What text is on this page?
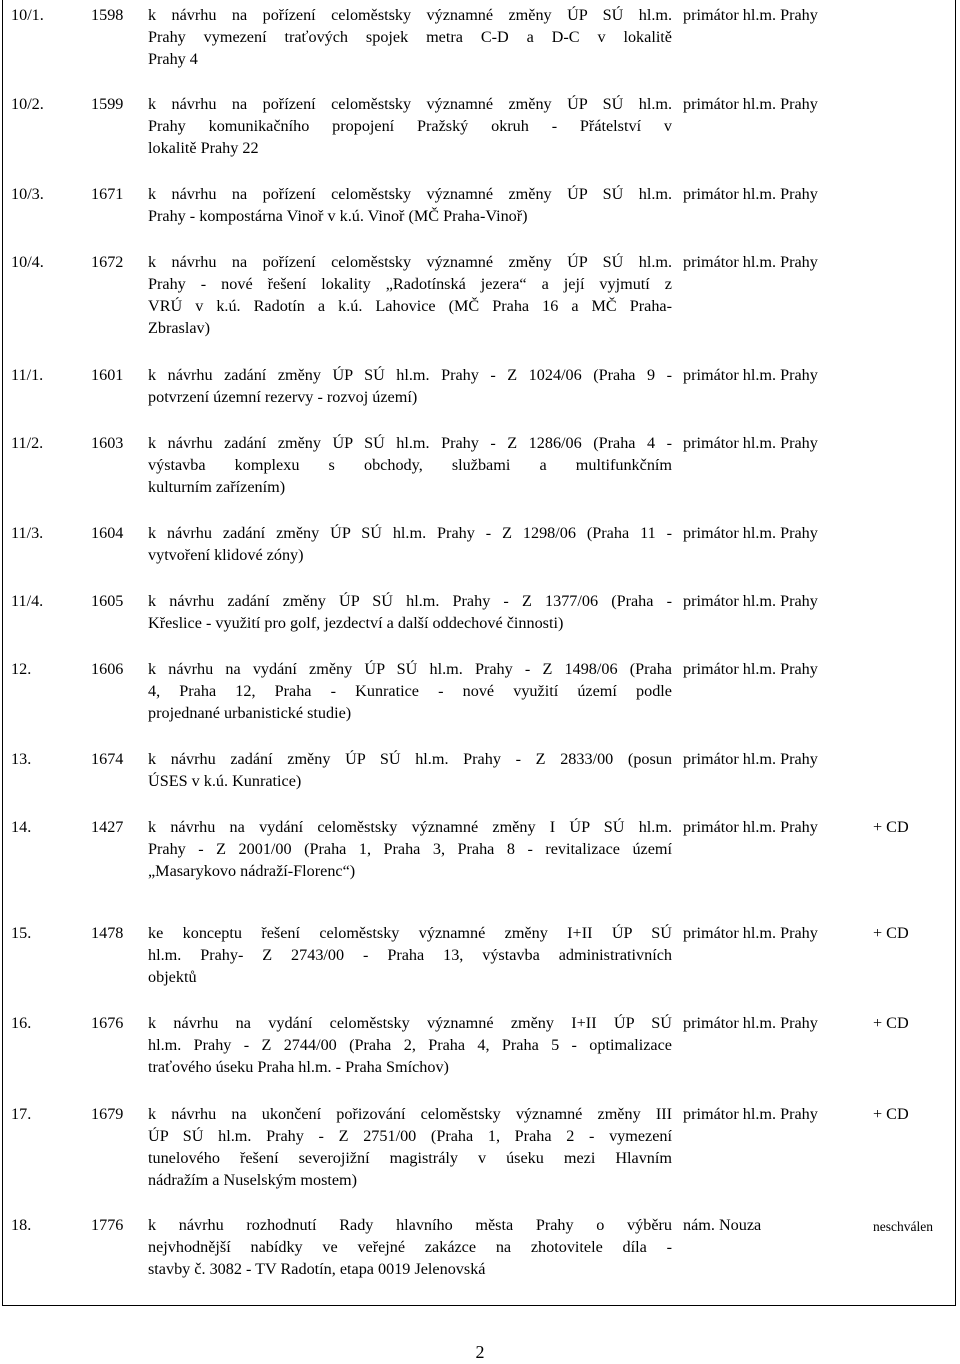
10/1.	1598	k návrhu na pořízení celoměstsky významné změny ÚP SÚ hl.m.
Prahy vymezení traťových spojek metra C-D a D-C v lokalitě
Prahy 4
primátor hl.m. Prahy
10/2.	1599	k návrhu na pořízení celoměstsky významné změny ÚP SÚ hl.m.
Prahy komunikačního propojení Pražský okruh - Přátelství v
lokalitě Prahy 22
primátor hl.m. Prahy
10/3.	1671	k návrhu na pořízení celoměstsky významné změny ÚP SÚ hl.m.
Prahy - kompostárna Vinoř v k.ú. Vinoř (MČ Praha-Vinoř)
primátor hl.m. Prahy
10/4.	1672	k návrhu na pořízení celoměstsky významné změny ÚP SÚ hl.m.
Prahy - nové řešení lokality „Radotínská jezera“ a její vyjmutí z
VRÚ v k.ú. Radotín a k.ú. Lahovice (MČ Praha 16 a MČ Praha-
Zbraslav)
primátor hl.m. Prahy
11/1.	1601	k návrhu zadání změny ÚP SÚ hl.m. Prahy - Z 1024/06 (Praha 9 -
potvrzení územní rezervy - rozvoj území)
primátor hl.m. Prahy
11/2.	1603	k návrhu zadání změny ÚP SÚ hl.m. Prahy - Z 1286/06 (Praha 4 -
výstavba komplexu s obchody, službami a multifunkčním
kulturním zařízením)
primátor hl.m. Prahy
11/3.	1604	k návrhu zadání změny ÚP SÚ hl.m. Prahy - Z 1298/06 (Praha 11 -
vytvoření klidové zóny)
primátor hl.m. Prahy
11/4.	1605	k návrhu zadání změny ÚP SÚ hl.m. Prahy - Z 1377/06 (Praha -
Křeslice - využití pro golf, jezdectví a další oddechové činnosti)
primátor hl.m. Prahy
12.	1606	k návrhu na vydání změny ÚP SÚ hl.m. Prahy - Z 1498/06 (Praha
4, Praha 12, Praha - Kunratice - nové využití území podle
projednané urbanistické studie)
primátor hl.m. Prahy
13.	1674	k návrhu zadání změny ÚP SÚ hl.m. Prahy - Z 2833/00 (posun
ÚSES v k.ú. Kunratice)
primátor hl.m. Prahy
14.	1427	k návrhu na vydání celoměstsky významné změny I ÚP SÚ hl.m.
Prahy - Z 2001/00 (Praha 1, Praha 3, Praha 8 - revitalizace území
„Masarykovo nádraží-Florenc“)
primátor hl.m. Prahy	+ CD
15.	1478	ke konceptu řešení celoměstsky významné změny I+II ÚP SÚ
hl.m. Prahy- Z 2743/00 - Praha 13, výstavba administrativních
objektů
primátor hl.m. Prahy	+ CD
16.	1676	k návrhu na vydání celoměstsky významné změny I+II ÚP SÚ
hl.m. Prahy - Z 2744/00 (Praha 2, Praha 4, Praha 5 - optimalizace
traťového úseku Praha hl.m. - Praha Smíchov)
primátor hl.m. Prahy	+ CD
17.	1679	k návrhu na ukončení pořizování celoměstsky významné změny III
ÚP SÚ hl.m. Prahy - Z 2751/00 (Praha 1, Praha 2 - vymezení
tunelového řešení severojižní magistrály v úseku mezi Hlavním
nádražím a Nuselským mostem)
primátor hl.m. Prahy	+ CD
18.	1776	k návrhu rozhodnutí Rady hlavního města Prahy o výběru
nejvhodnější nabídky ve veřejné zakázce na zhotovitele díla -
stavby č. 3082 - TV Radotín, etapa 0019 Jelenovská
nám. Nouza	neschválen
2
